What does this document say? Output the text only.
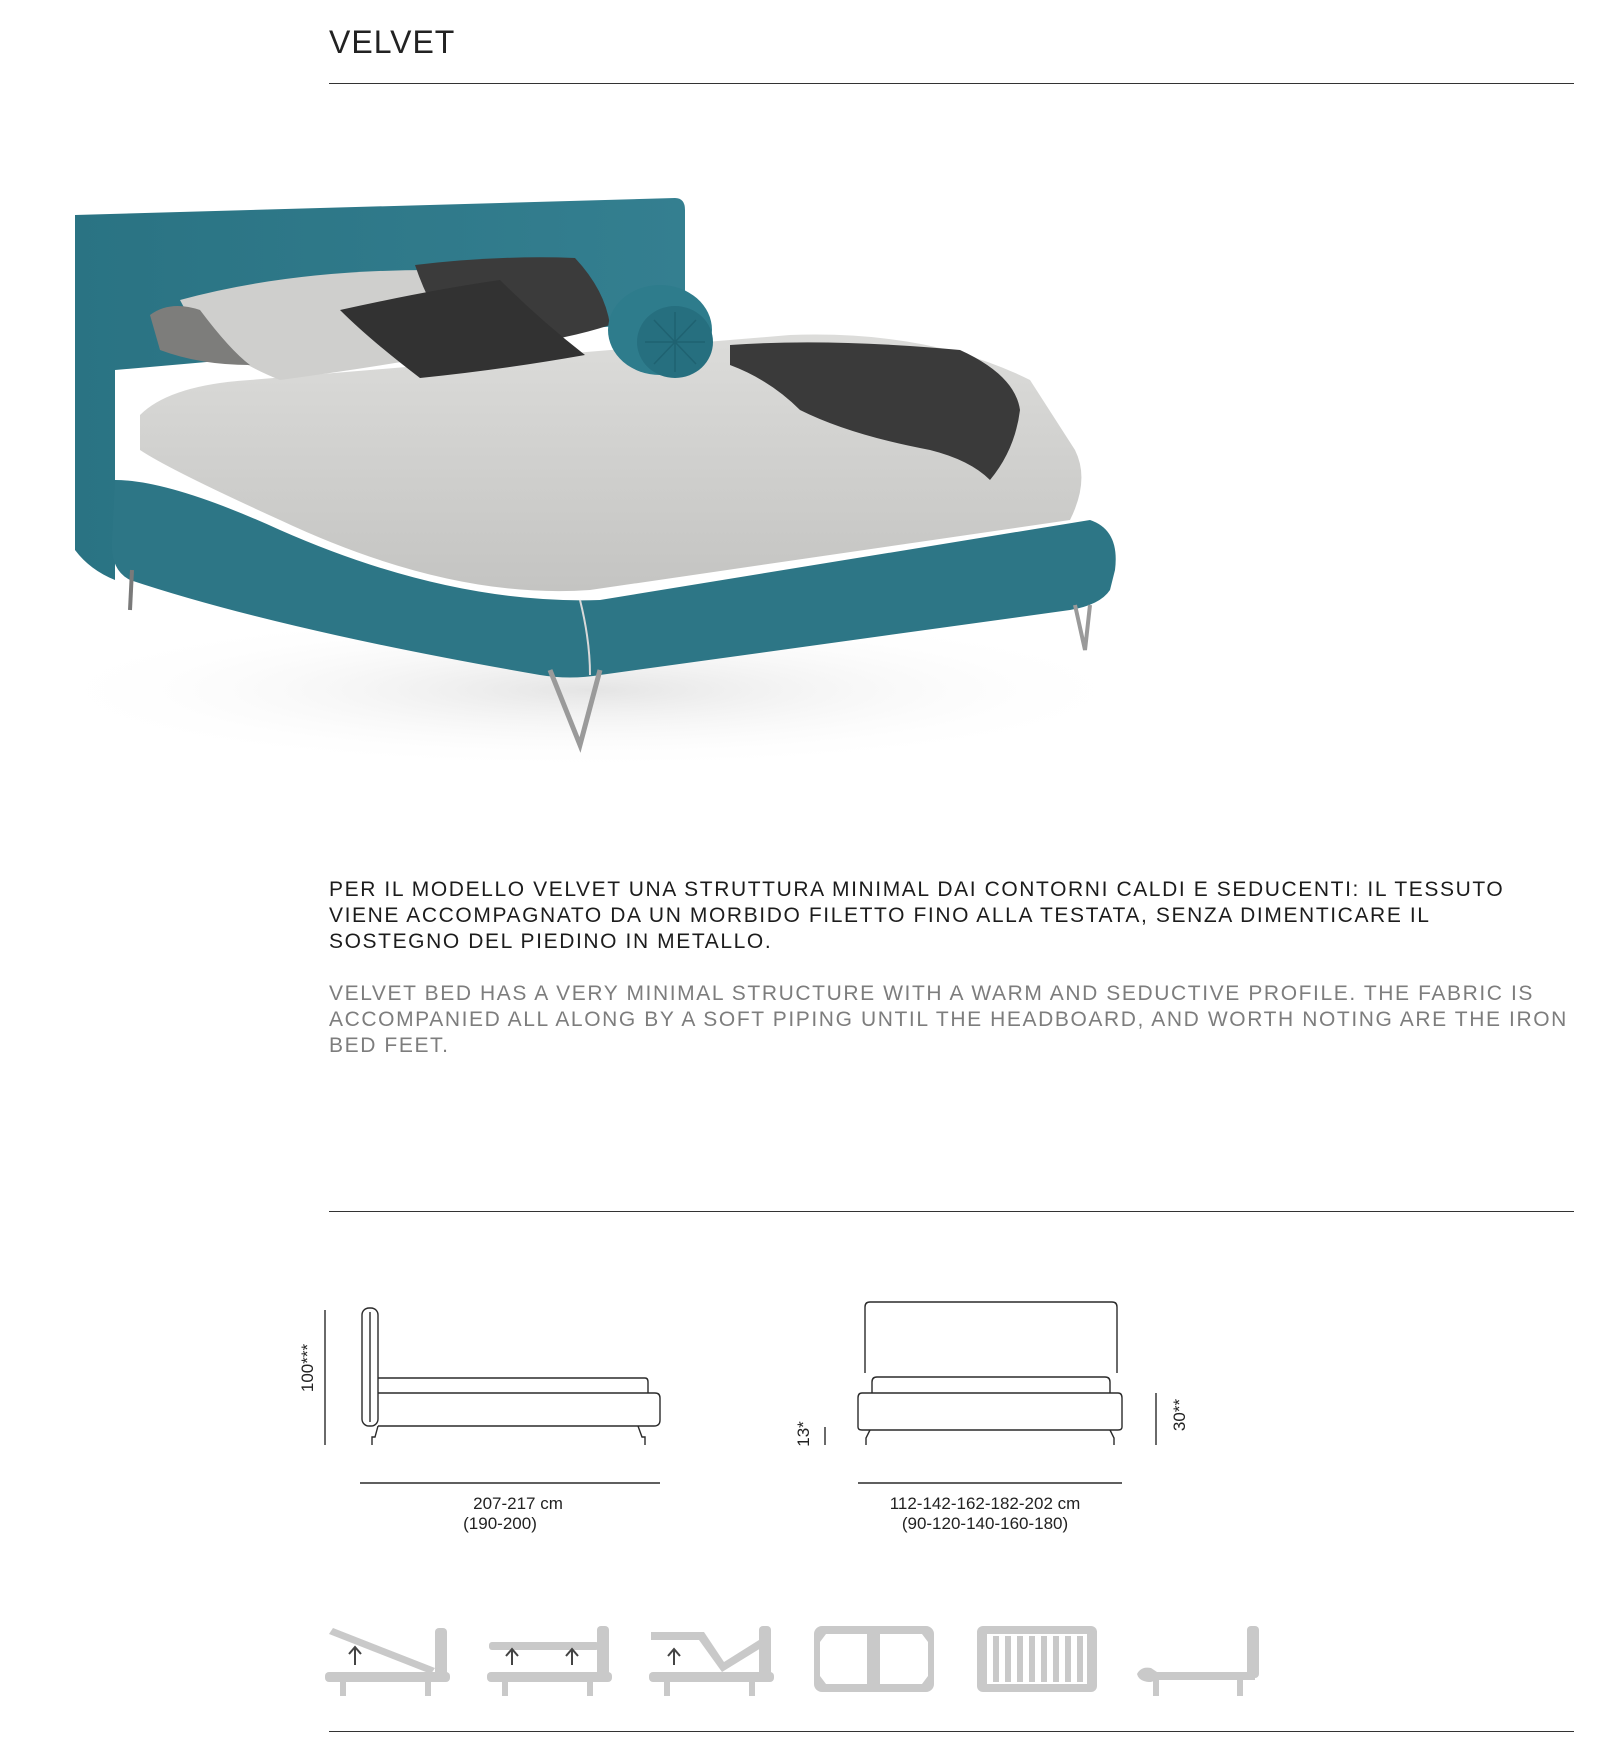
VELVET
PER IL MODELLO VELVET UNA STRUTTURA MINIMAL DAI CONTORNI CALDI E SEDUCENTI: IL TESSUTO VIENE ACCOMPAGNATO DA UN MORBIDO FILETTO FINO ALLA TESTATA, SENZA DIMENTICARE IL SOSTEGNO DEL PIEDINO IN METALLO.
VELVET BED HAS A VERY MINIMAL STRUCTURE WITH A WARM AND SEDUCTIVE PROFILE. THE FABRIC IS ACCOMPANIED ALL ALONG BY A SOFT PIPING UNTIL THE HEADBOARD, AND WORTH NOTING ARE THE IRON BED FEET.
100***
207-217 cm
(190-200)
13*
30**
112-142-162-182-202 cm
(90-120-140-160-180)
